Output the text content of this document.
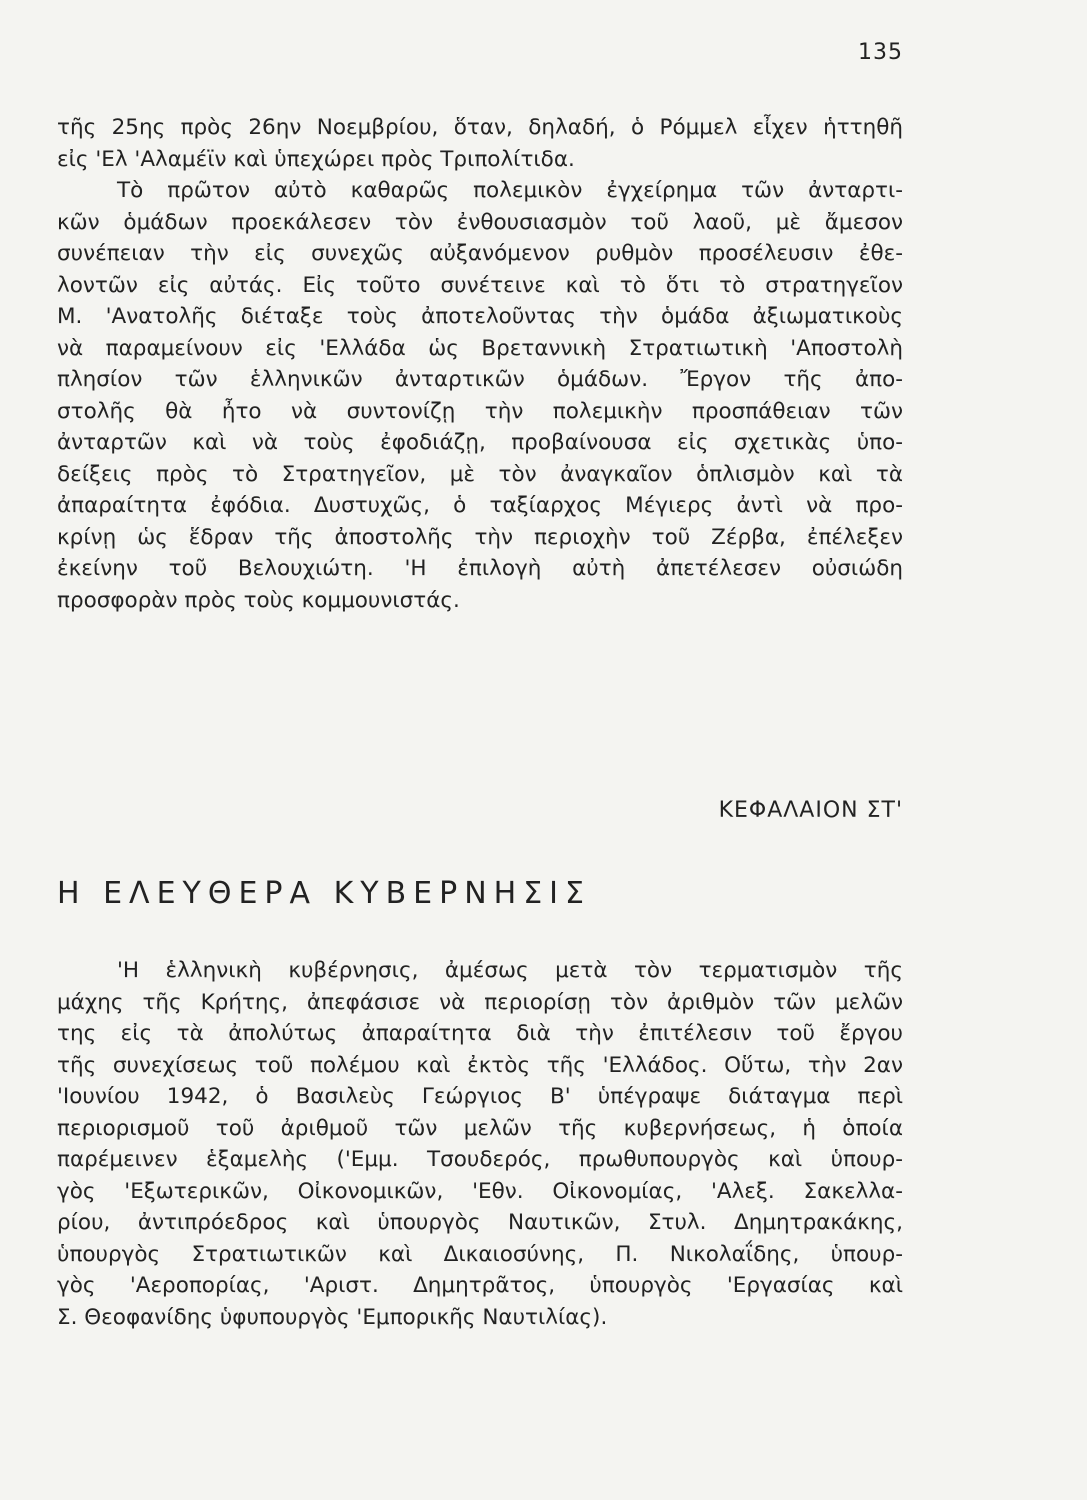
135
τῆς 25ης πρὸς 26ην Νοεμβρίου, ὅταν, δηλαδή, ὁ Ρόμμελ εἶχεν ἡττηθῆ
εἰς 'Ελ 'Αλαμέϊν καὶ ὑπεχώρει πρὸς Τριπολίτιδα.
Τὸ πρῶτον αὐτὸ καθαρῶς πολεμικὸν ἐγχείρημα τῶν ἀνταρτι-
κῶν ὁμάδων προεκάλεσεν τὸν ἐνθουσιασμὸν τοῦ λαοῦ, μὲ ἄμεσον
συνέπειαν τὴν εἰς συνεχῶς αὐξανόμενον ρυθμὸν προσέλευσιν ἐθε-
λοντῶν εἰς αὐτάς. Εἰς τοῦτο συνέτεινε καὶ τὸ ὅτι τὸ στρατηγεῖον
Μ. 'Ανατολῆς διέταξε τοὺς ἀποτελοῦντας τὴν ὁμάδα ἀξιωματικοὺς
νὰ παραμείνουν εἰς 'Ελλάδα ὡς Βρεταννικὴ Στρατιωτικὴ 'Αποστολὴ
πλησίον τῶν ἑλληνικῶν ἀνταρτικῶν ὁμάδων. Ἔργον τῆς ἀπο-
στολῆς θὰ ἦτο νὰ συντονίζῃ τὴν πολεμικὴν προσπάθειαν τῶν
ἀνταρτῶν καὶ νὰ τοὺς ἐφοδιάζῃ, προβαίνουσα εἰς σχετικὰς ὑπο-
δείξεις πρὸς τὸ Στρατηγεῖον, μὲ τὸν ἀναγκαῖον ὁπλισμὸν καὶ τὰ
ἀπαραίτητα ἐφόδια. Δυστυχῶς, ὁ ταξίαρχος Μέγιερς ἀντὶ νὰ προ-
κρίνῃ ὡς ἕδραν τῆς ἀποστολῆς τὴν περιοχὴν τοῦ Ζέρβα, ἐπέλεξεν
ἐκείνην τοῦ Βελουχιώτη. 'Η ἐπιλογὴ αὐτὴ ἀπετέλεσεν οὐσιώδη
προσφορὰν πρὸς τοὺς κομμουνιστάς.
ΚΕΦΑΛΑΙΟΝ ΣΤ'
Η ΕΛΕΥΘΕΡΑ ΚΥΒΕΡΝΗΣΙΣ
'Η ἑλληνικὴ κυβέρνησις, ἀμέσως μετὰ τὸν τερματισμὸν τῆς
μάχης τῆς Κρήτης, ἀπεφάσισε νὰ περιορίσῃ τὸν ἀριθμὸν τῶν μελῶν
της εἰς τὰ ἀπολύτως ἀπαραίτητα διὰ τὴν ἐπιτέλεσιν τοῦ ἔργου
τῆς συνεχίσεως τοῦ πολέμου καὶ ἐκτὸς τῆς 'Ελλάδος. Οὕτω, τὴν 2αν
'Ιουνίου 1942, ὁ Βασιλεὺς Γεώργιος Β' ὑπέγραψε διάταγμα περὶ
περιορισμοῦ τοῦ ἀριθμοῦ τῶν μελῶν τῆς κυβερνήσεως, ἡ ὁποία
παρέμεινεν ἑξαμελὴς ('Εμμ. Τσουδερός, πρωθυπουργὸς καὶ ὑπουρ-
γὸς 'Εξωτερικῶν, Οἰκονομικῶν, 'Εθν. Οἰκονομίας, 'Αλεξ. Σακελλα-
ρίου, ἀντιπρόεδρος καὶ ὑπουργὸς Ναυτικῶν, Στυλ. Δημητρακάκης,
ὑπουργὸς Στρατιωτικῶν καὶ Δικαιοσύνης, Π. Νικολαΐδης, ὑπουρ-
γὸς 'Αεροπορίας, 'Αριστ. Δημητρᾶτος, ὑπουργὸς 'Εργασίας καὶ
Σ. Θεοφανίδης ὑφυπουργὸς 'Εμπορικῆς Ναυτιλίας).
